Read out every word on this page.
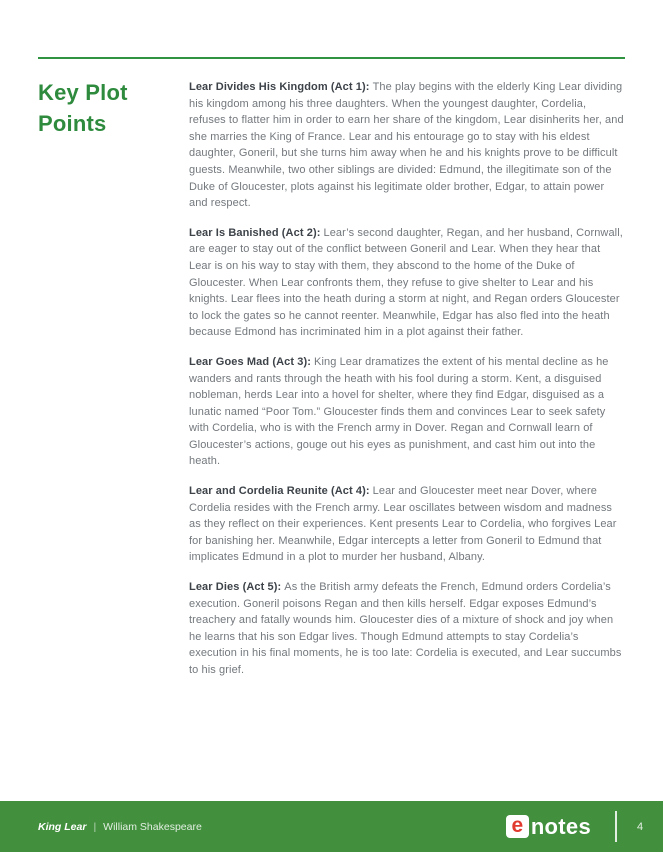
Key Plot Points

Lear Divides His Kingdom (Act 1): The play begins with the elderly King Lear dividing his kingdom among his three daughters. When the youngest daughter, Cordelia, refuses to flatter him in order to earn her share of the kingdom, Lear disinherits her, and she marries the King of France. Lear and his entourage go to stay with his eldest daughter, Goneril, but she turns him away when he and his knights prove to be difficult guests. Meanwhile, two other siblings are divided: Edmund, the illegitimate son of the Duke of Gloucester, plots against his legitimate older brother, Edgar, to attain power and respect.

Lear Is Banished (Act 2): Lear’s second daughter, Regan, and her husband, Cornwall, are eager to stay out of the conflict between Goneril and Lear. When they hear that Lear is on his way to stay with them, they abscond to the home of the Duke of Gloucester. When Lear confronts them, they refuse to give shelter to Lear and his knights. Lear flees into the heath during a storm at night, and Regan orders Gloucester to lock the gates so he cannot reenter. Meanwhile, Edgar has also fled into the heath because Edmond has incriminated him in a plot against their father.

Lear Goes Mad (Act 3): King Lear dramatizes the extent of his mental decline as he wanders and rants through the heath with his fool during a storm. Kent, a disguised nobleman, herds Lear into a hovel for shelter, where they find Edgar, disguised as a lunatic named “Poor Tom.” Gloucester finds them and convinces Lear to seek safety with Cordelia, who is with the French army in Dover. Regan and Cornwall learn of Gloucester’s actions, gouge out his eyes as punishment, and cast him out into the heath.

Lear and Cordelia Reunite (Act 4): Lear and Gloucester meet near Dover, where Cordelia resides with the French army. Lear oscillates between wisdom and madness as they reflect on their experiences. Kent presents Lear to Cordelia, who forgives Lear for banishing her. Meanwhile, Edgar intercepts a letter from Goneril to Edmund that implicates Edmund in a plot to murder her husband, Albany.

Lear Dies (Act 5): As the British army defeats the French, Edmund orders Cordelia’s execution. Goneril poisons Regan and then kills herself. Edgar exposes Edmund’s treachery and fatally wounds him. Gloucester dies of a mixture of shock and joy when he learns that his son Edgar lives. Though Edmund attempts to stay Cordelia’s execution in his final moments, he is too late: Cordelia is executed, and Lear succumbs to his grief.

King Lear | William Shakespeare	e notes	4
